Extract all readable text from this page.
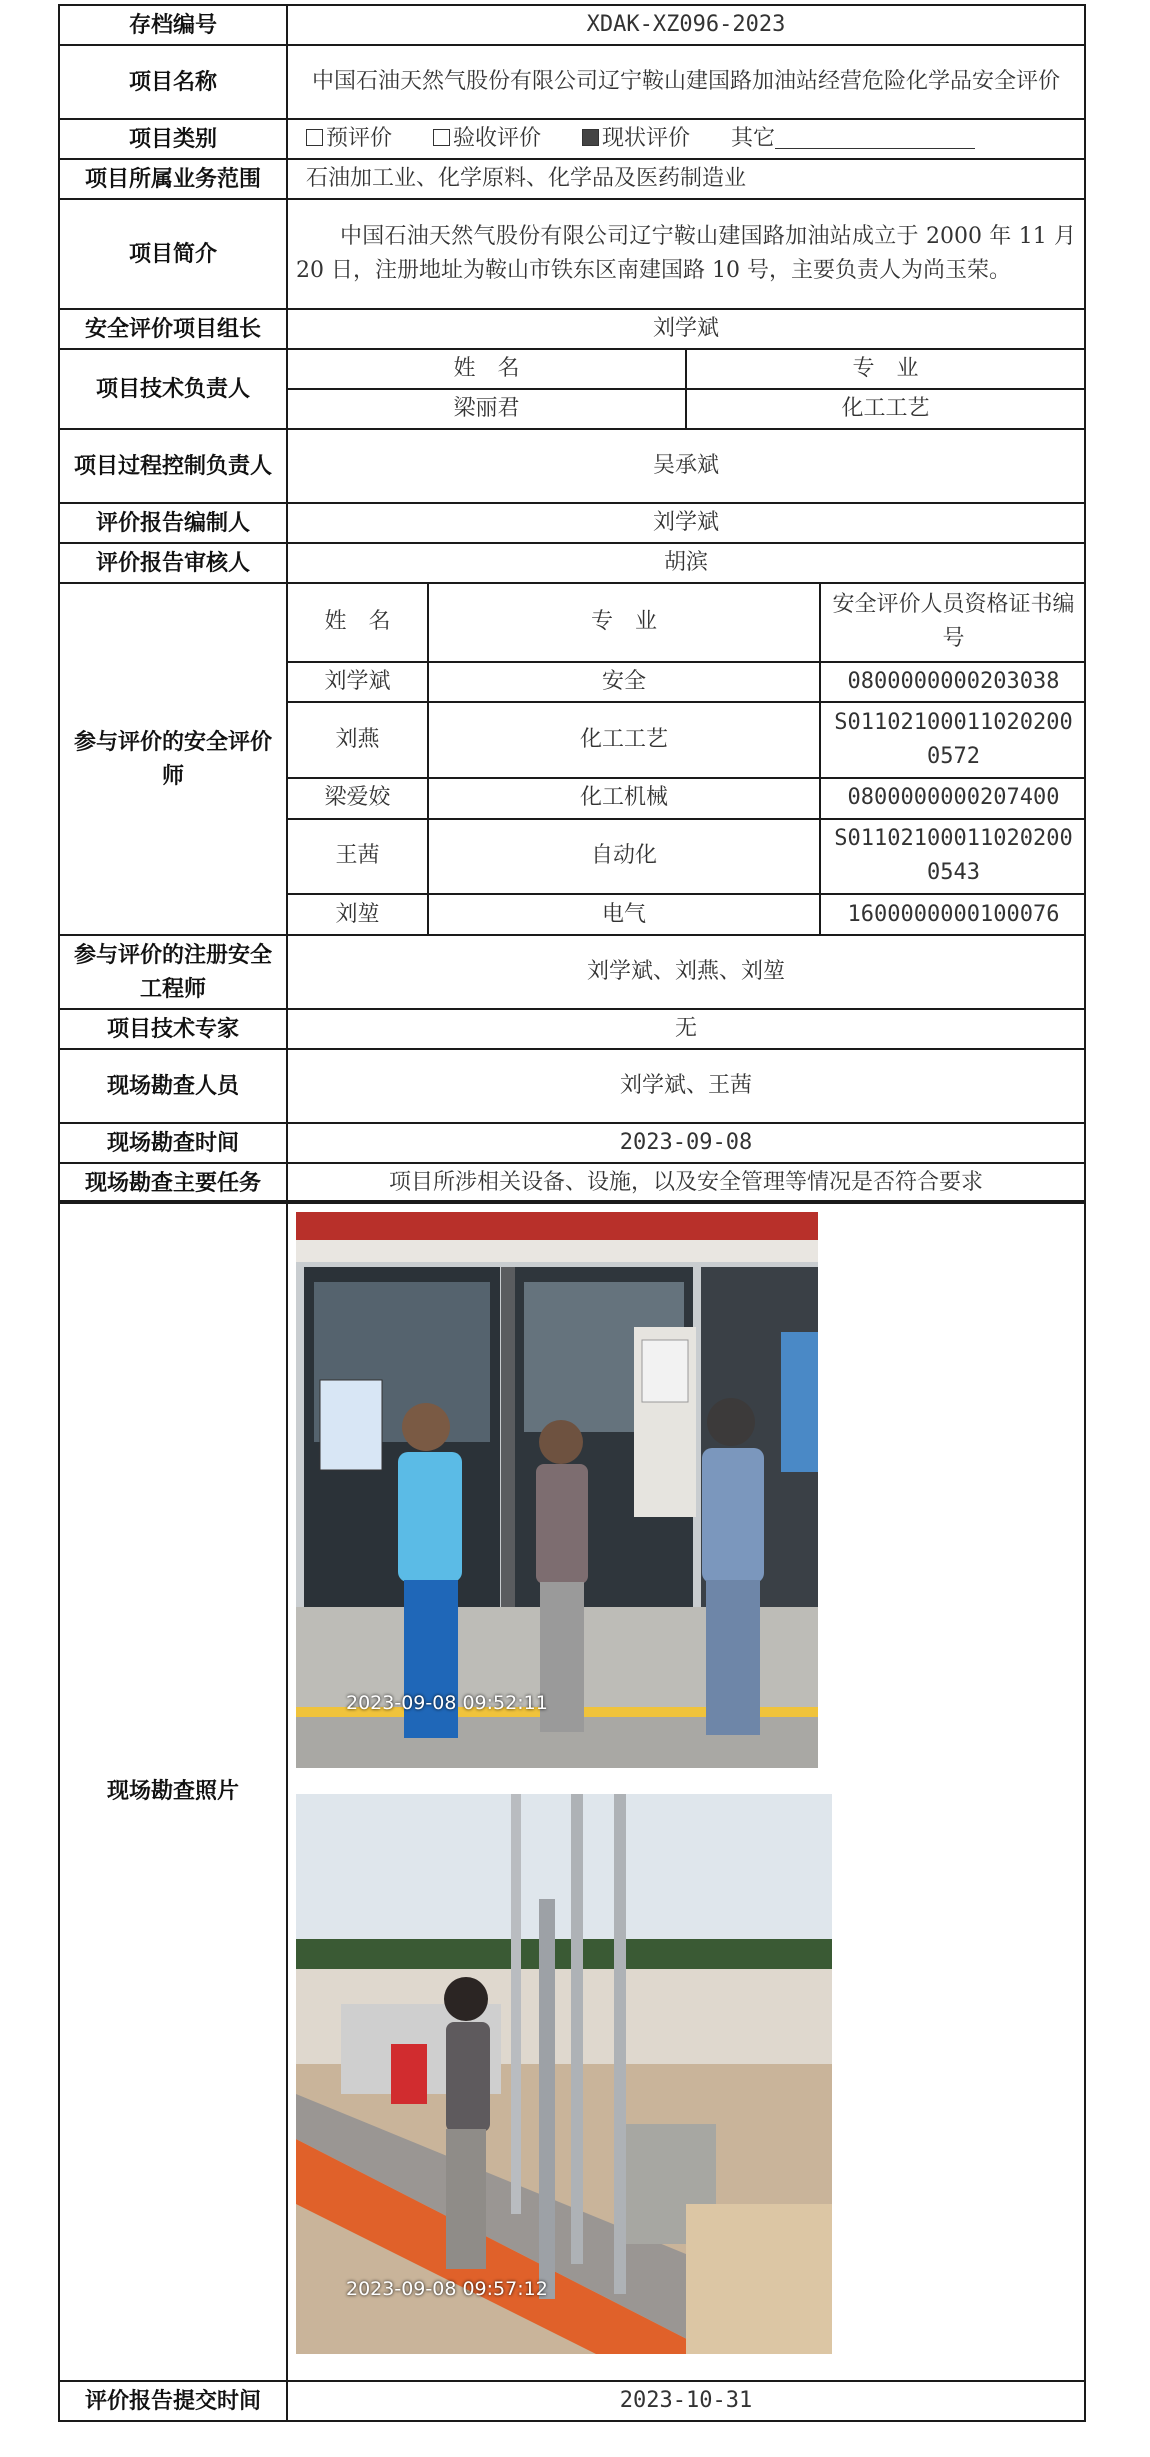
存档编号	XDAK-XZ096-2023
项目名称	中国石油天然气股份有限公司辽宁鞍山建国路加油站经营危险化学品安全评价
项目类别	预评价	验收评价	现状评价 其它
项目所属业务范围	石油加工业、化学原料、化学品及医药制造业
项目简介	中国石油天然气股份有限公司辽宁鞍山建国路加油站成立于 2000 年 11 月 20 日，注册地址为鞍山市铁东区南建国路 10 号，主要负责人为尚玉荣。
安全评价项目组长	刘学斌
项目技术负责人	
姓　名	专　业
梁丽君	化工工艺

项目过程控制负责人	吴承斌
评价报告编制人	刘学斌
评价报告审核人	胡滨
参与评价的安全评价师	
姓　名	专　业	安全评价人员资格证书编号
刘学斌	安全	0800000000203038
刘燕	化工工艺	S011021000110202000572
梁爱姣	化工机械	0800000000207400
王茜	自动化	S011021000110202000543
刘堃	电气	1600000000100076

参与评价的注册安全工程师	刘学斌、刘燕、刘堃
项目技术专家	无
现场勘查人员	刘学斌、王茜
现场勘查时间	2023-09-08
现场勘查主要任务	项目所涉相关设备、设施，以及安全管理等情况是否符合要求
现场勘查照片	2023-09-08 09:52:11
2023-09-08 09:57:12

评价报告提交时间	2023-10-31
